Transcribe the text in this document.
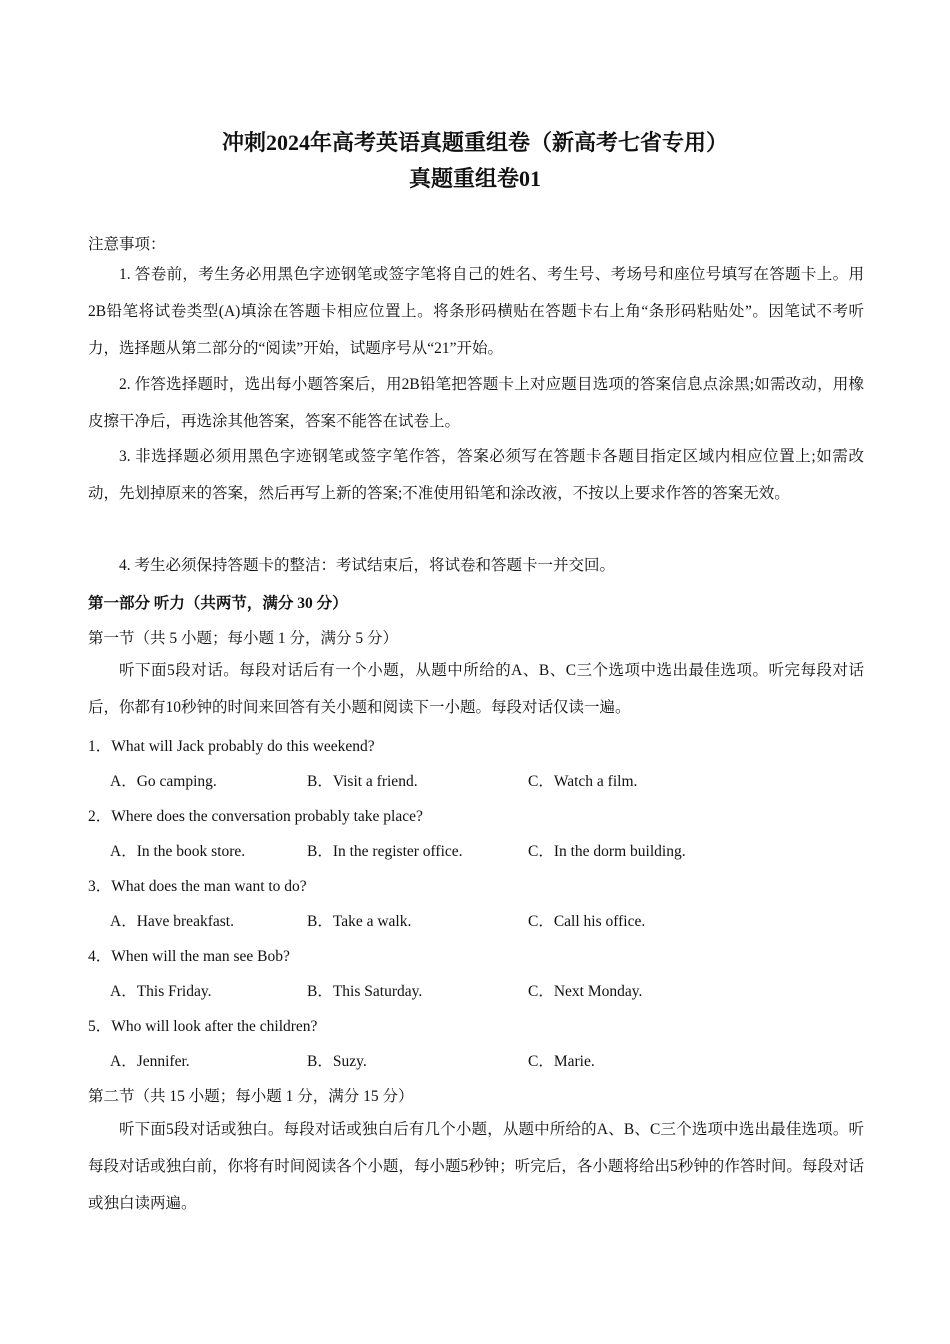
冲刺2024年高考英语真题重组卷（新高考七省专用）
真题重组卷01
注意事项：
1. 答卷前，考生务必用黑色字迹钢笔或签字笔将自己的姓名、考生号、考场号和座位号填写在答题卡上。用2B铅笔将试卷类型(A)填涂在答题卡相应位置上。将条形码横贴在答题卡右上角“条形码粘贴处”。因笔试不考听力，选择题从第二部分的“阅读”开始，试题序号从“21”开始。
2. 作答选择题时，选出每小题答案后，用2B铅笔把答题卡上对应题目选项的答案信息点涂黑;如需改动，用橡皮擦干净后，再选涂其他答案，答案不能答在试卷上。
3. 非选择题必须用黑色字迹钢笔或签字笔作答，答案必须写在答题卡各题目指定区域内相应位置上;如需改动，先划掉原来的答案，然后再写上新的答案;不准使用铅笔和涂改液，不按以上要求作答的答案无效。
4. 考生必须保持答题卡的整洁：考试结束后，将试卷和答题卡一并交回。
第一部分 听力（共两节，满分 30 分）
第一节（共 5 小题；每小题 1 分，满分 5 分）
听下面5段对话。每段对话后有一个小题，从题中所给的A、B、C三个选项中选出最佳选项。听完每段对话后，你都有10秒钟的时间来回答有关小题和阅读下一小题。每段对话仅读一遍。
1．What will Jack probably do this weekend?
A．Go camping.	B．Visit a friend.	C．Watch a film.
2．Where does the conversation probably take place?
A．In the book store.	B．In the register office.	C．In the dorm building.
3．What does the man want to do?
A．Have breakfast.	B．Take a walk.	C．Call his office.
4．When will the man see Bob?
A．This Friday.	B．This Saturday.	C．Next Monday.
5．Who will look after the children?
A．Jennifer.	B．Suzy.	C．Marie.
第二节（共 15 小题；每小题 1 分，满分 15 分）
听下面5段对话或独白。每段对话或独白后有几个小题，从题中所给的A、B、C三个选项中选出最佳选项。听每段对话或独白前，你将有时间阅读各个小题，每小题5秒钟；听完后，各小题将给出5秒钟的作答时间。每段对话或独白读两遍。
